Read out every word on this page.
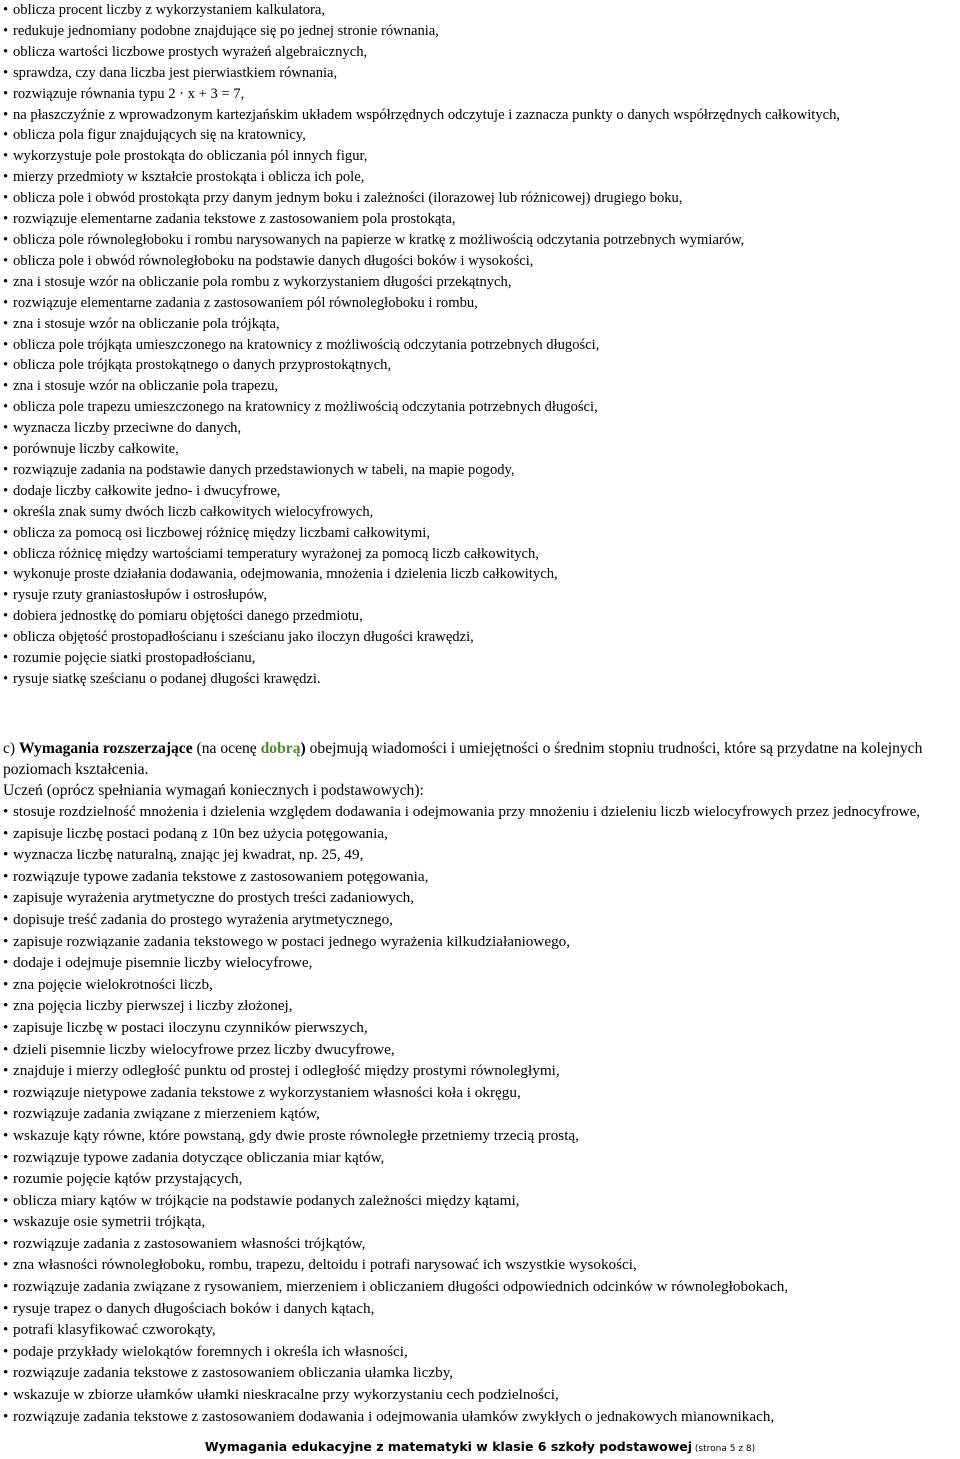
• oblicza procent liczby z wykorzystaniem kalkulatora,
• redukuje jednomiany podobne znajdujące się po jednej stronie równania,
• oblicza wartości liczbowe prostych wyrażeń algebraicznych,
• sprawdza, czy dana liczba jest pierwiastkiem równania,
• rozwiązuje równania typu 2 · x + 3 = 7,
• na płaszczyźnie z wprowadzonym kartezjańskim układem współrzędnych odczytuje i zaznacza punkty o danych współrzędnych całkowitych,
• oblicza pola figur znajdujących się na kratownicy,
• wykorzystuje pole prostokąta do obliczania pól innych figur,
• mierzy przedmioty w kształcie prostokąta i oblicza ich pole,
• oblicza pole i obwód prostokąta przy danym jednym boku i zależności (ilorazowej lub różnicowej) drugiego boku,
• rozwiązuje elementarne zadania tekstowe z zastosowaniem pola prostokąta,
• oblicza pole równoległoboku i rombu narysowanych na papierze w kratkę z możliwością odczytania potrzebnych wymiarów,
• oblicza pole i obwód równoległoboku na podstawie danych długości boków i wysokości,
• zna i stosuje wzór na obliczanie pola rombu z wykorzystaniem długości przekątnych,
• rozwiązuje elementarne zadania z zastosowaniem pól równoległoboku i rombu,
• zna i stosuje wzór na obliczanie pola trójkąta,
• oblicza pole trójkąta umieszczonego na kratownicy z możliwością odczytania potrzebnych długości,
• oblicza pole trójkąta prostokątnego o danych przyprostokątnych,
• zna i stosuje wzór na obliczanie pola trapezu,
• oblicza pole trapezu umieszczonego na kratownicy z możliwością odczytania potrzebnych długości,
• wyznacza liczby przeciwne do danych,
• porównuje liczby całkowite,
• rozwiązuje zadania na podstawie danych przedstawionych w tabeli, na mapie pogody,
• dodaje liczby całkowite jedno- i dwucyfrowe,
• określa znak sumy dwóch liczb całkowitych wielocyfrowych,
• oblicza za pomocą osi liczbowej różnicę między liczbami całkowitymi,
• oblicza różnicę między wartościami temperatury wyrażonej za pomocą liczb całkowitych,
• wykonuje proste działania dodawania, odejmowania, mnożenia i dzielenia liczb całkowitych,
• rysuje rzuty graniastosłupów i ostrosłupów,
• dobiera jednostkę do pomiaru objętości danego przedmiotu,
• oblicza objętość prostopadłościanu i sześcianu jako iloczyn długości krawędzi,
• rozumie pojęcie siatki prostopadłościanu,
• rysuje siatkę sześcianu o podanej długości krawędzi.
c) Wymagania rozszerzające (na ocenę dobrą) obejmują wiadomości i umiejętności o średnim stopniu trudności, które są przydatne na kolejnych poziomach kształcenia.
Uczeń (oprócz spełniania wymagań koniecznych i podstawowych):
• stosuje rozdzielność mnożenia i dzielenia względem dodawania i odejmowania przy mnożeniu i dzieleniu liczb wielocyfrowych przez jednocyfrowe,
• zapisuje liczbę postaci podaną z 10n bez użycia potęgowania,
• wyznacza liczbę naturalną, znając jej kwadrat, np. 25, 49,
• rozwiązuje typowe zadania tekstowe z zastosowaniem potęgowania,
• zapisuje wyrażenia arytmetyczne do prostych treści zadaniowych,
• dopisuje treść zadania do prostego wyrażenia arytmetycznego,
• zapisuje rozwiązanie zadania tekstowego w postaci jednego wyrażenia kilkudziałaniowego,
• dodaje i odejmuje pisemnie liczby wielocyfrowe,
• zna pojęcie wielokrotności liczb,
• zna pojęcia liczby pierwszej i liczby złożonej,
• zapisuje liczbę w postaci iloczynu czynników pierwszych,
• dzieli pisemnie liczby wielocyfrowe przez liczby dwucyfrowe,
• znajduje i mierzy odległość punktu od prostej i odległość między prostymi równoległymi,
• rozwiązuje nietypowe zadania tekstowe z wykorzystaniem własności koła i okręgu,
• rozwiązuje zadania związane z mierzeniem kątów,
• wskazuje kąty równe, które powstaną, gdy dwie proste równoległe przetniemy trzecią prostą,
• rozwiązuje typowe zadania dotyczące obliczania miar kątów,
• rozumie pojęcie kątów przystających,
• oblicza miary kątów w trójkącie na podstawie podanych zależności między kątami,
• wskazuje osie symetrii trójkąta,
• rozwiązuje zadania z zastosowaniem własności trójkątów,
• zna własności równoległoboku, rombu, trapezu, deltoidu i potrafi narysować ich wszystkie wysokości,
• rozwiązuje zadania związane z rysowaniem, mierzeniem i obliczaniem długości odpowiednich odcinków w równoległobokach,
• rysuje trapez o danych długościach boków i danych kątach,
• potrafi klasyfikować czworokąty,
• podaje przykłady wielokątów foremnych i określa ich własności,
• rozwiązuje zadania tekstowe z zastosowaniem obliczania ułamka liczby,
• wskazuje w zbiorze ułamków ułamki nieskracalne przy wykorzystaniu cech podzielności,
• rozwiązuje zadania tekstowe z zastosowaniem dodawania i odejmowania ułamków zwykłych o jednakowych mianownikach,
Wymagania edukacyjne z matematyki w klasie 6 szkoły podstawowej (strona 5 z 8)
